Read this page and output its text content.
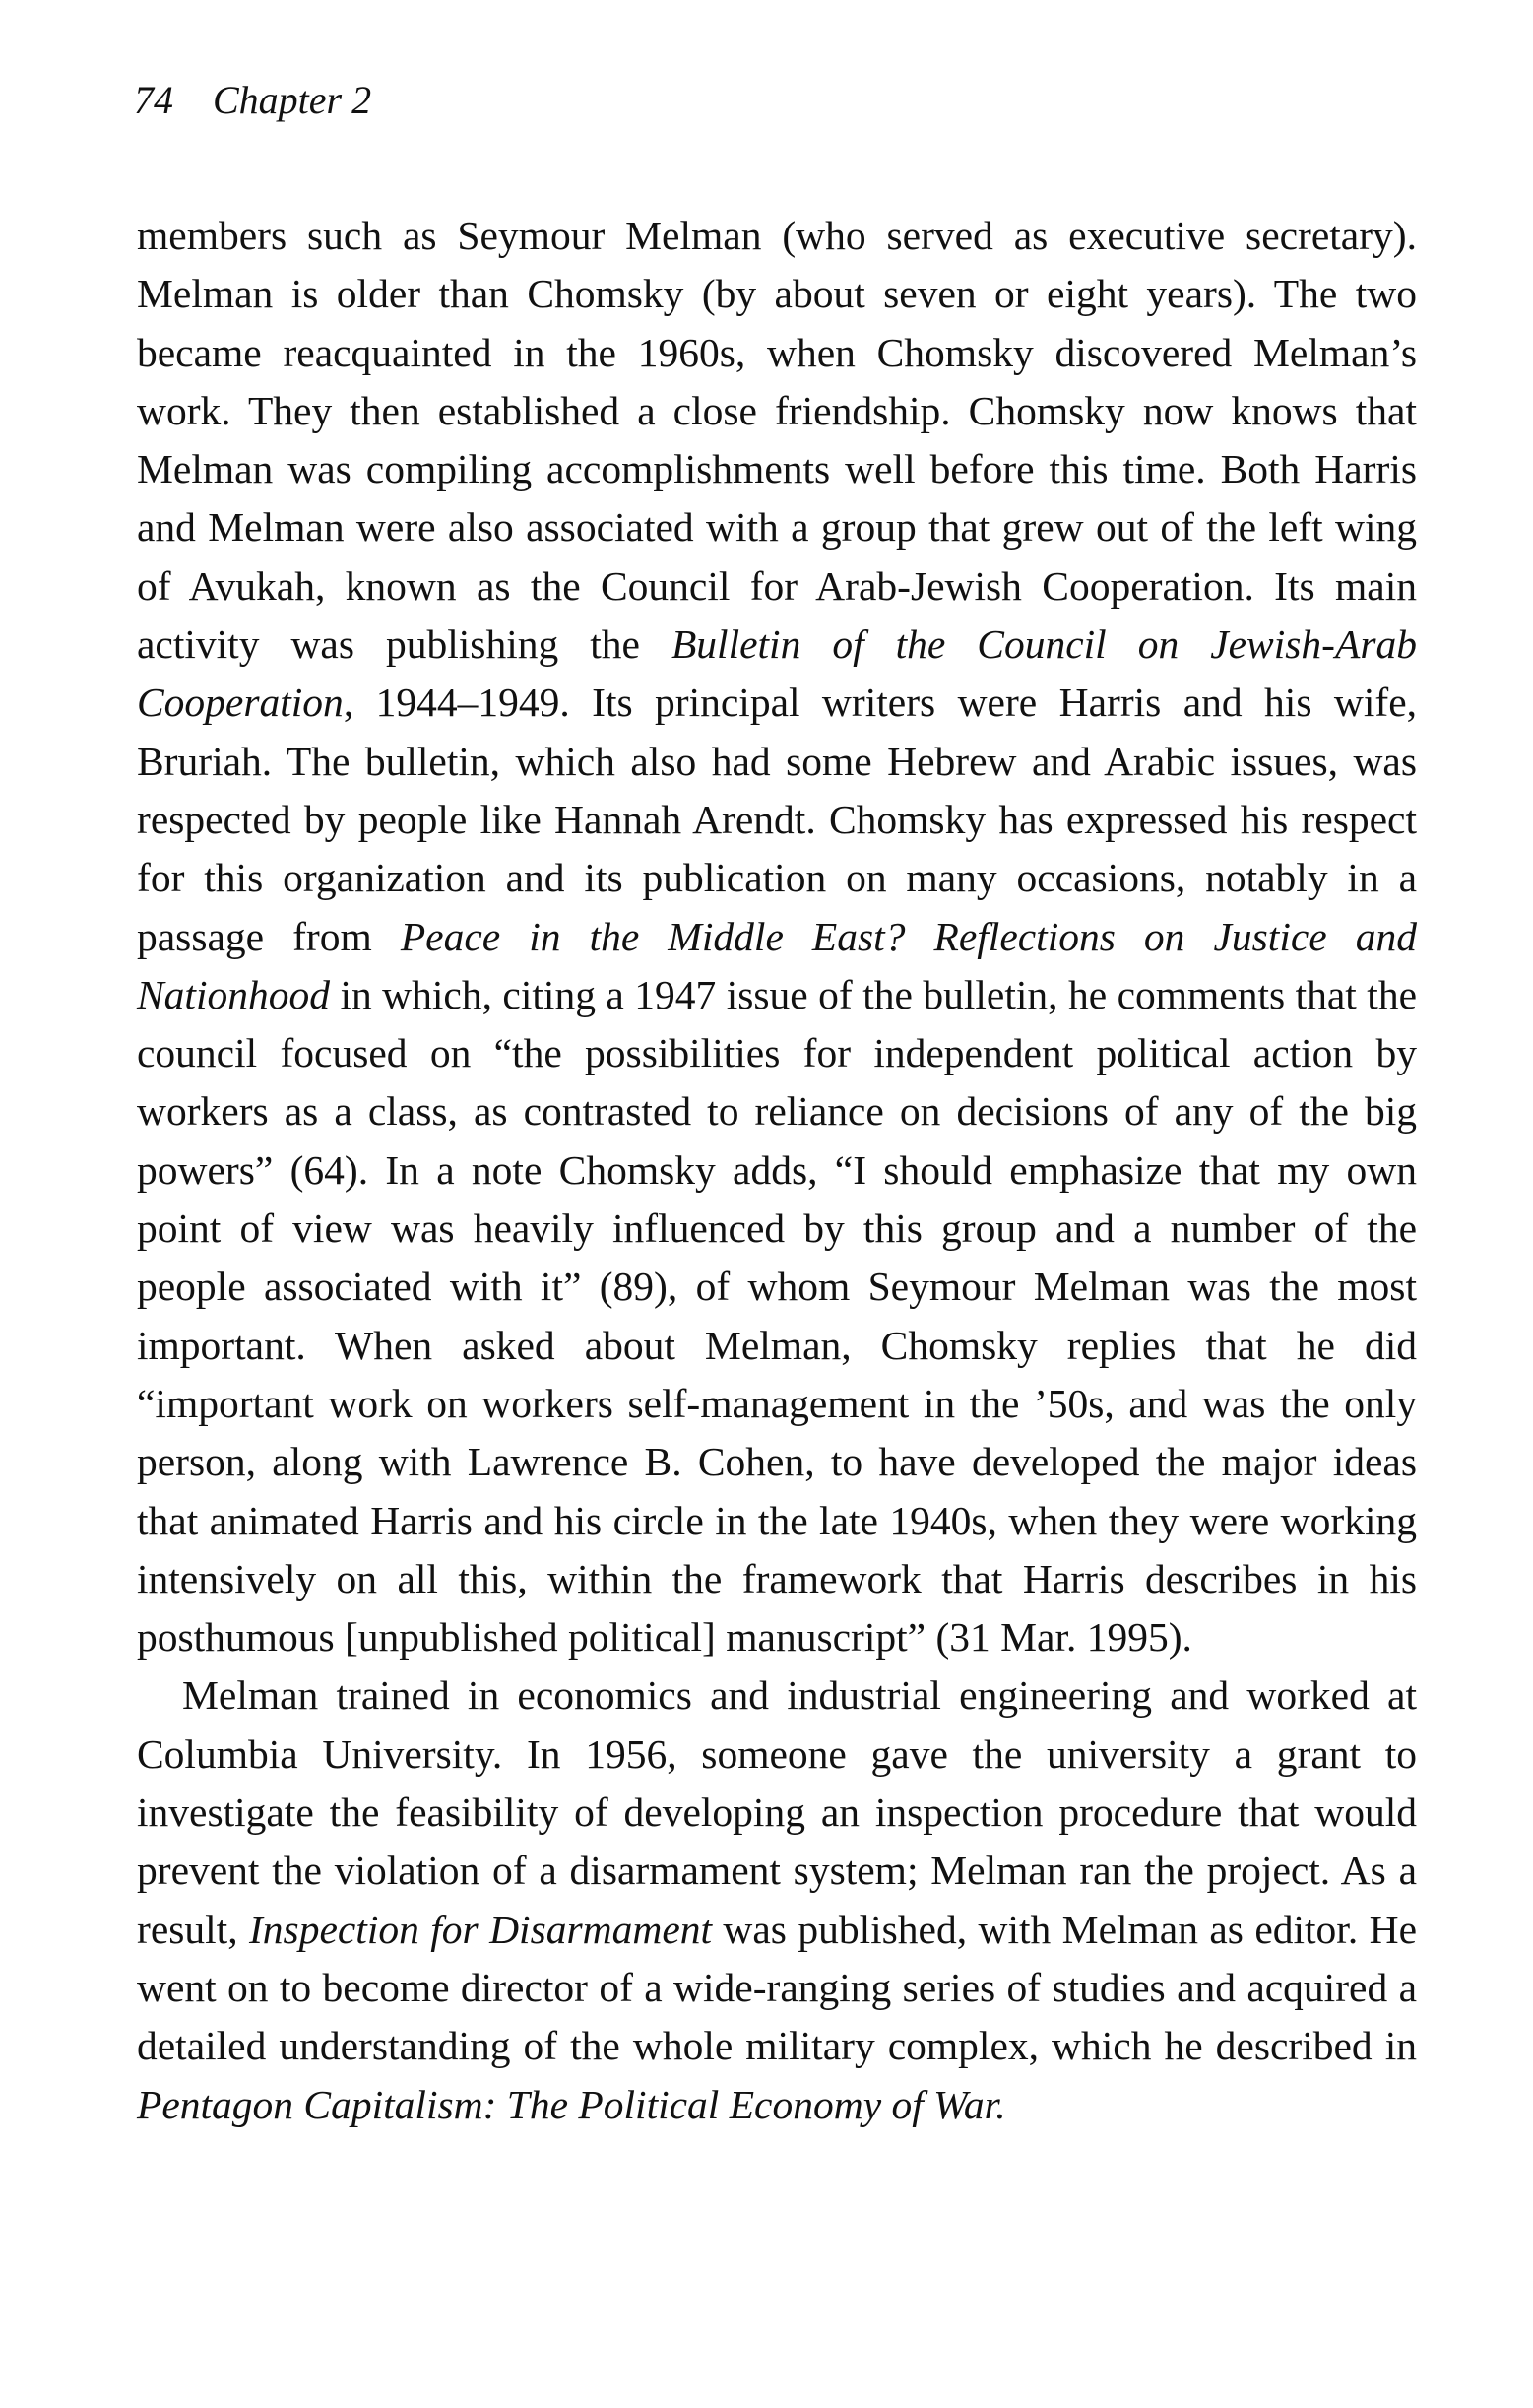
74 Chapter 2

members such as Seymour Melman (who served as executive secretary). Melman is older than Chomsky (by about seven or eight years). The two became reacquainted in the 1960s, when Chomsky discovered Melman’s work. They then established a close friendship. Chomsky now knows that Melman was compiling accomplishments well before this time. Both Harris and Melman were also associated with a group that grew out of the left wing of Avukah, known as the Council for Arab-Jewish Cooperation. Its main activity was publishing the Bulletin of the Council on Jewish-Arab Cooperation, 1944–1949. Its principal writers were Harris and his wife, Bruriah. The bulletin, which also had some Hebrew and Arabic issues, was respected by people like Hannah Arendt. Chomsky has expressed his respect for this organization and its publication on many occasions, notably in a passage from Peace in the Middle East? Reflections on Justice and Nationhood in which, citing a 1947 issue of the bulletin, he comments that the council focused on “the possibilities for independent political action by workers as a class, as contrasted to reliance on decisions of any of the big powers” (64). In a note Chomsky adds, “I should emphasize that my own point of view was heavily influenced by this group and a number of the people associated with it” (89), of whom Seymour Melman was the most important. When asked about Melman, Chomsky replies that he did “important work on workers self-management in the ’50s, and was the only person, along with Lawrence B. Cohen, to have developed the major ideas that animated Harris and his circle in the late 1940s, when they were working intensively on all this, within the framework that Harris describes in his posthumous [unpublished political] manuscript” (31 Mar. 1995).

Melman trained in economics and industrial engineering and worked at Columbia University. In 1956, someone gave the university a grant to investigate the feasibility of developing an inspection procedure that would prevent the violation of a disarmament system; Melman ran the project. As a result, Inspection for Disarmament was published, with Melman as editor. He went on to become director of a wide-ranging series of studies and acquired a detailed understanding of the whole military complex, which he described in Pentagon Capitalism: The Political Economy of War.
